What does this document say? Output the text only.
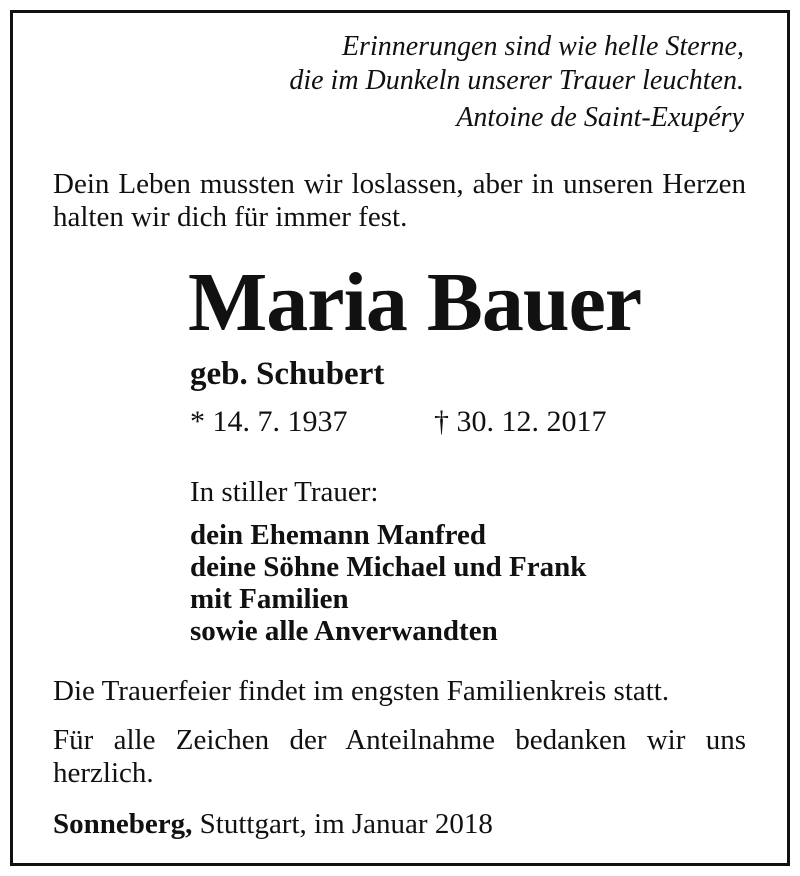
Erinnerungen sind wie helle Sterne,
die im Dunkeln unserer Trauer leuchten.
Antoine de Saint-Exupéry
Dein Leben mussten wir loslassen, aber in unseren Herzen halten wir dich für immer fest.
Maria Bauer
geb. Schubert
* 14. 7. 1937	† 30. 12. 2017
In stiller Trauer:
dein Ehemann Manfred
deine Söhne Michael und Frank
mit Familien
sowie alle Anverwandten
Die Trauerfeier findet im engsten Familienkreis statt.
Für alle Zeichen der Anteilnahme bedanken wir uns herzlich.
Sonneberg, Stuttgart, im Januar 2018
